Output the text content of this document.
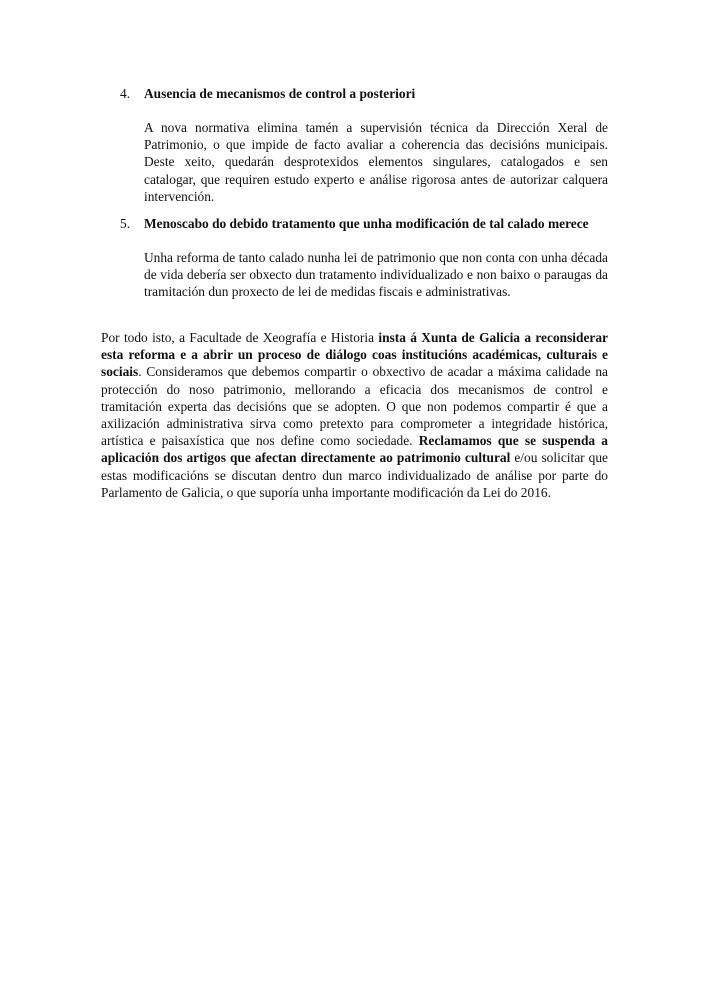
4.	Ausencia de mecanismos de control a posteriori

A nova normativa elimina tamén a supervisión técnica da Dirección Xeral de Patrimonio, o que impide de facto avaliar a coherencia das decisións municipais. Deste xeito, quedarán desprotexidos elementos singulares, catalogados e sen catalogar, que requiren estudo experto e análise rigorosa antes de autorizar calquera intervención.

5.	Menoscabo do debido tratamento que unha modificación de tal calado merece

Unha reforma de tanto calado nunha lei de patrimonio que non conta con unha década de vida debería ser obxecto dun tratamento individualizado e non baixo o paraugas da tramitación dun proxecto de lei de medidas fiscais e administrativas.

Por todo isto, a Facultade de Xeografía e Historia insta á Xunta de Galicia a reconsiderar esta reforma e a abrir un proceso de diálogo coas institucións académicas, culturais e sociais. Consideramos que debemos compartir o obxectivo de acadar a máxima calidade na protección do noso patrimonio, mellorando a eficacia dos mecanismos de control e tramitación experta das decisións que se adopten. O que non podemos compartir é que a axilización administrativa sirva como pretexto para comprometer a integridade histórica, artística e paisaxística que nos define como sociedade. Reclamamos que se suspenda a aplicación dos artigos que afectan directamente ao patrimonio cultural e/ou solicitar que estas modificacións se discutan dentro dun marco individualizado de análise por parte do Parlamento de Galicia, o que suporía unha importante modificación da Lei do 2016.
